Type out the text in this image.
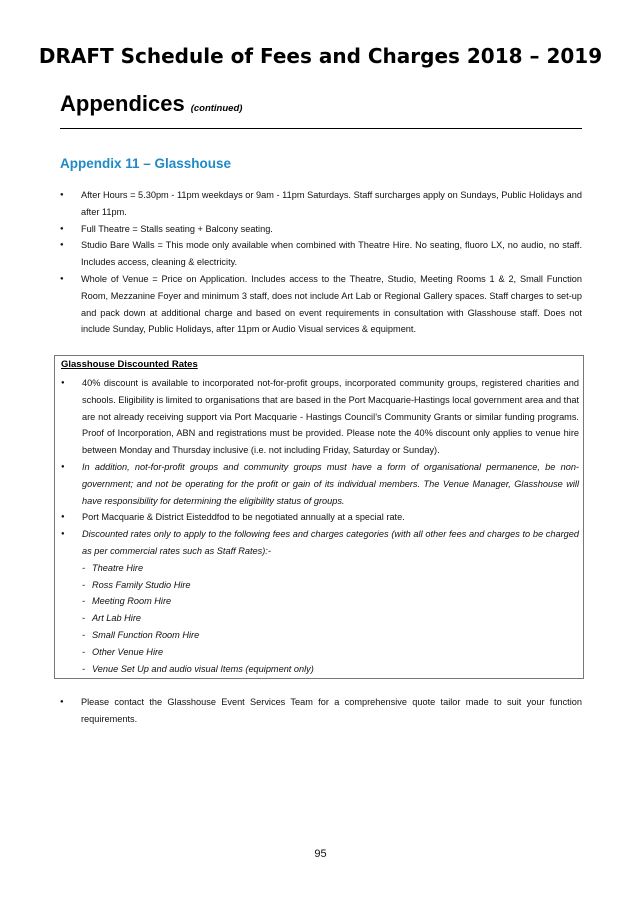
DRAFT Schedule of Fees and Charges 2018 – 2019
Appendices (continued)
Appendix 11 – Glasshouse
● After Hours = 5.30pm - 11pm weekdays or 9am - 11pm Saturdays. Staff surcharges apply on Sundays, Public Holidays and after 11pm.
● Full Theatre = Stalls seating + Balcony seating.
● Studio Bare Walls = This mode only available when combined with Theatre Hire. No seating, fluoro LX, no audio, no staff. Includes access, cleaning & electricity.
● Whole of Venue = Price on Application. Includes access to the Theatre, Studio, Meeting Rooms 1 & 2, Small Function Room, Mezzanine Foyer and minimum 3 staff, does not include Art Lab or Regional Gallery spaces. Staff charges to set-up and pack down at additional charge and based on event requirements in consultation with Glasshouse staff. Does not include Sunday, Public Holidays, after 11pm or Audio Visual services & equipment.
Glasshouse Discounted Rates
● 40% discount is available to incorporated not-for-profit groups, incorporated community groups, registered charities and schools. Eligibility is limited to organisations that are based in the Port Macquarie-Hastings local government area and that are not already receiving support via Port Macquarie - Hastings Council’s Community Grants or similar funding programs. Proof of Incorporation, ABN and registrations must be provided. Please note the 40% discount only applies to venue hire between Monday and Thursday inclusive (i.e. not including Friday, Saturday or Sunday).
● In addition, not-for-profit groups and community groups must have a form of organisational permanence, be non-government; and not be operating for the profit or gain of its individual members. The Venue Manager, Glasshouse will have responsibility for determining the eligibility status of groups.
● Port Macquarie & District Eisteddfod to be negotiated annually at a special rate.
● Discounted rates only to apply to the following fees and charges categories (with all other fees and charges to be charged as per commercial rates such as Staff Rates):-
- Theatre Hire
- Ross Family Studio Hire
- Meeting Room Hire
- Art Lab Hire
- Small Function Room Hire
- Other Venue Hire
- Venue Set Up and audio visual Items (equipment only)
● Please contact the Glasshouse Event Services Team for a comprehensive quote tailor made to suit your function requirements.
95
